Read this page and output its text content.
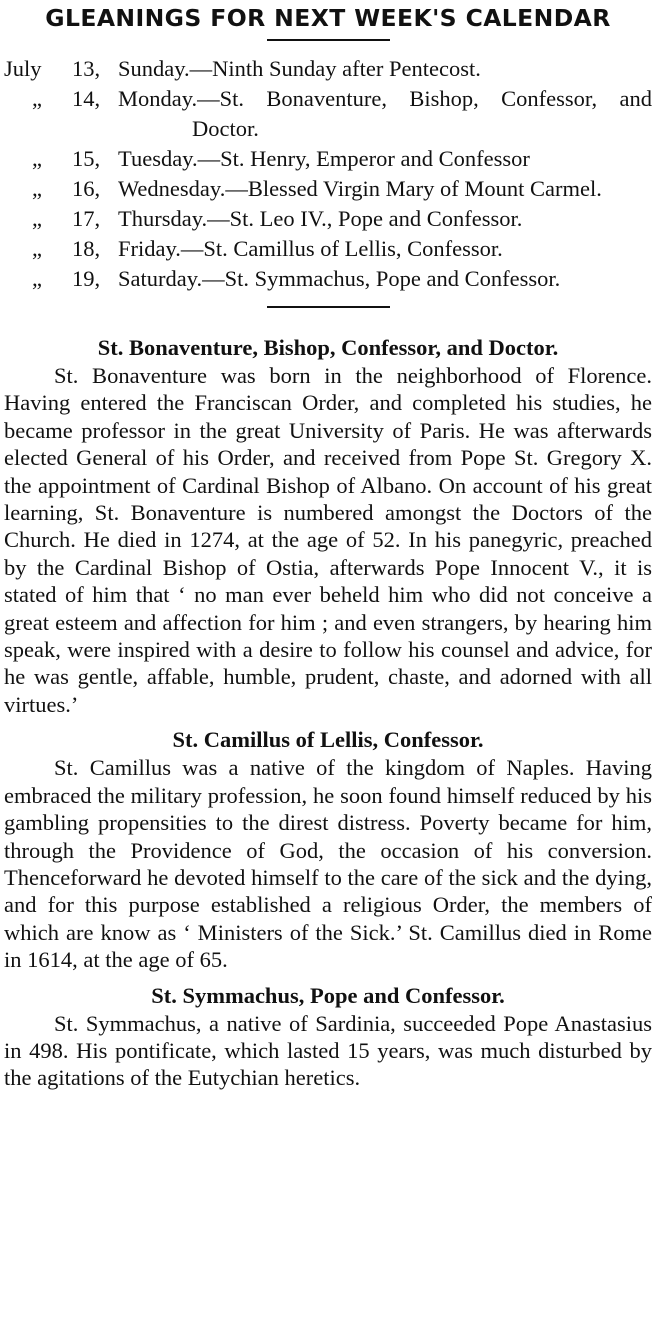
GLEANINGS FOR NEXT WEEK'S CALENDAR
July	13, Sunday.—Ninth Sunday after Pentecost.
„	14, Monday.—St. Bonaventure, Bishop, Confessor, and Doctor.
„	15, Tuesday.—St. Henry, Emperor and Confessor
„	16, Wednesday.—Blessed Virgin Mary of Mount Carmel.
„	17, Thursday.—St. Leo IV., Pope and Confessor.
„	18, Friday.—St. Camillus of Lellis, Confessor.
„	19, Saturday.—St. Symmachus, Pope and Confessor.
St. Bonaventure, Bishop, Confessor, and Doctor.

St. Bonaventure was born in the neighborhood of Florence. Having entered the Franciscan Order, and completed his studies, he became professor in the great University of Paris. He was afterwards elected General of his Order, and received from Pope St. Gregory X. the appointment of Cardinal Bishop of Albano. On account of his great learning, St. Bonaventure is numbered amongst the Doctors of the Church. He died in 1274, at the age of 52. In his panegyric, preached by the Cardinal Bishop of Ostia, afterwards Pope Innocent V., it is stated of him that ‘ no man ever beheld him who did not conceive a great esteem and affection for him ; and even strangers, by hearing him speak, were inspired with a desire to follow his counsel and advice, for he was gentle, affable, humble, prudent, chaste, and adorned with all virtues.’

St. Camillus of Lellis, Confessor.

St. Camillus was a native of the kingdom of Naples. Having embraced the military profession, he soon found himself reduced by his gambling propensities to the direst distress. Poverty became for him, through the Providence of God, the occasion of his conversion. Thenceforward he devoted himself to the care of the sick and the dying, and for this purpose established a religious Order, the members of which are know as ‘ Ministers of the Sick.’ St. Camillus died in Rome in 1614, at the age of 65.

St. Symmachus, Pope and Confessor.

St. Symmachus, a native of Sardinia, succeeded Pope Anastasius in 498. His pontificate, which lasted 15 years, was much disturbed by the agitations of the Eutychian heretics.
